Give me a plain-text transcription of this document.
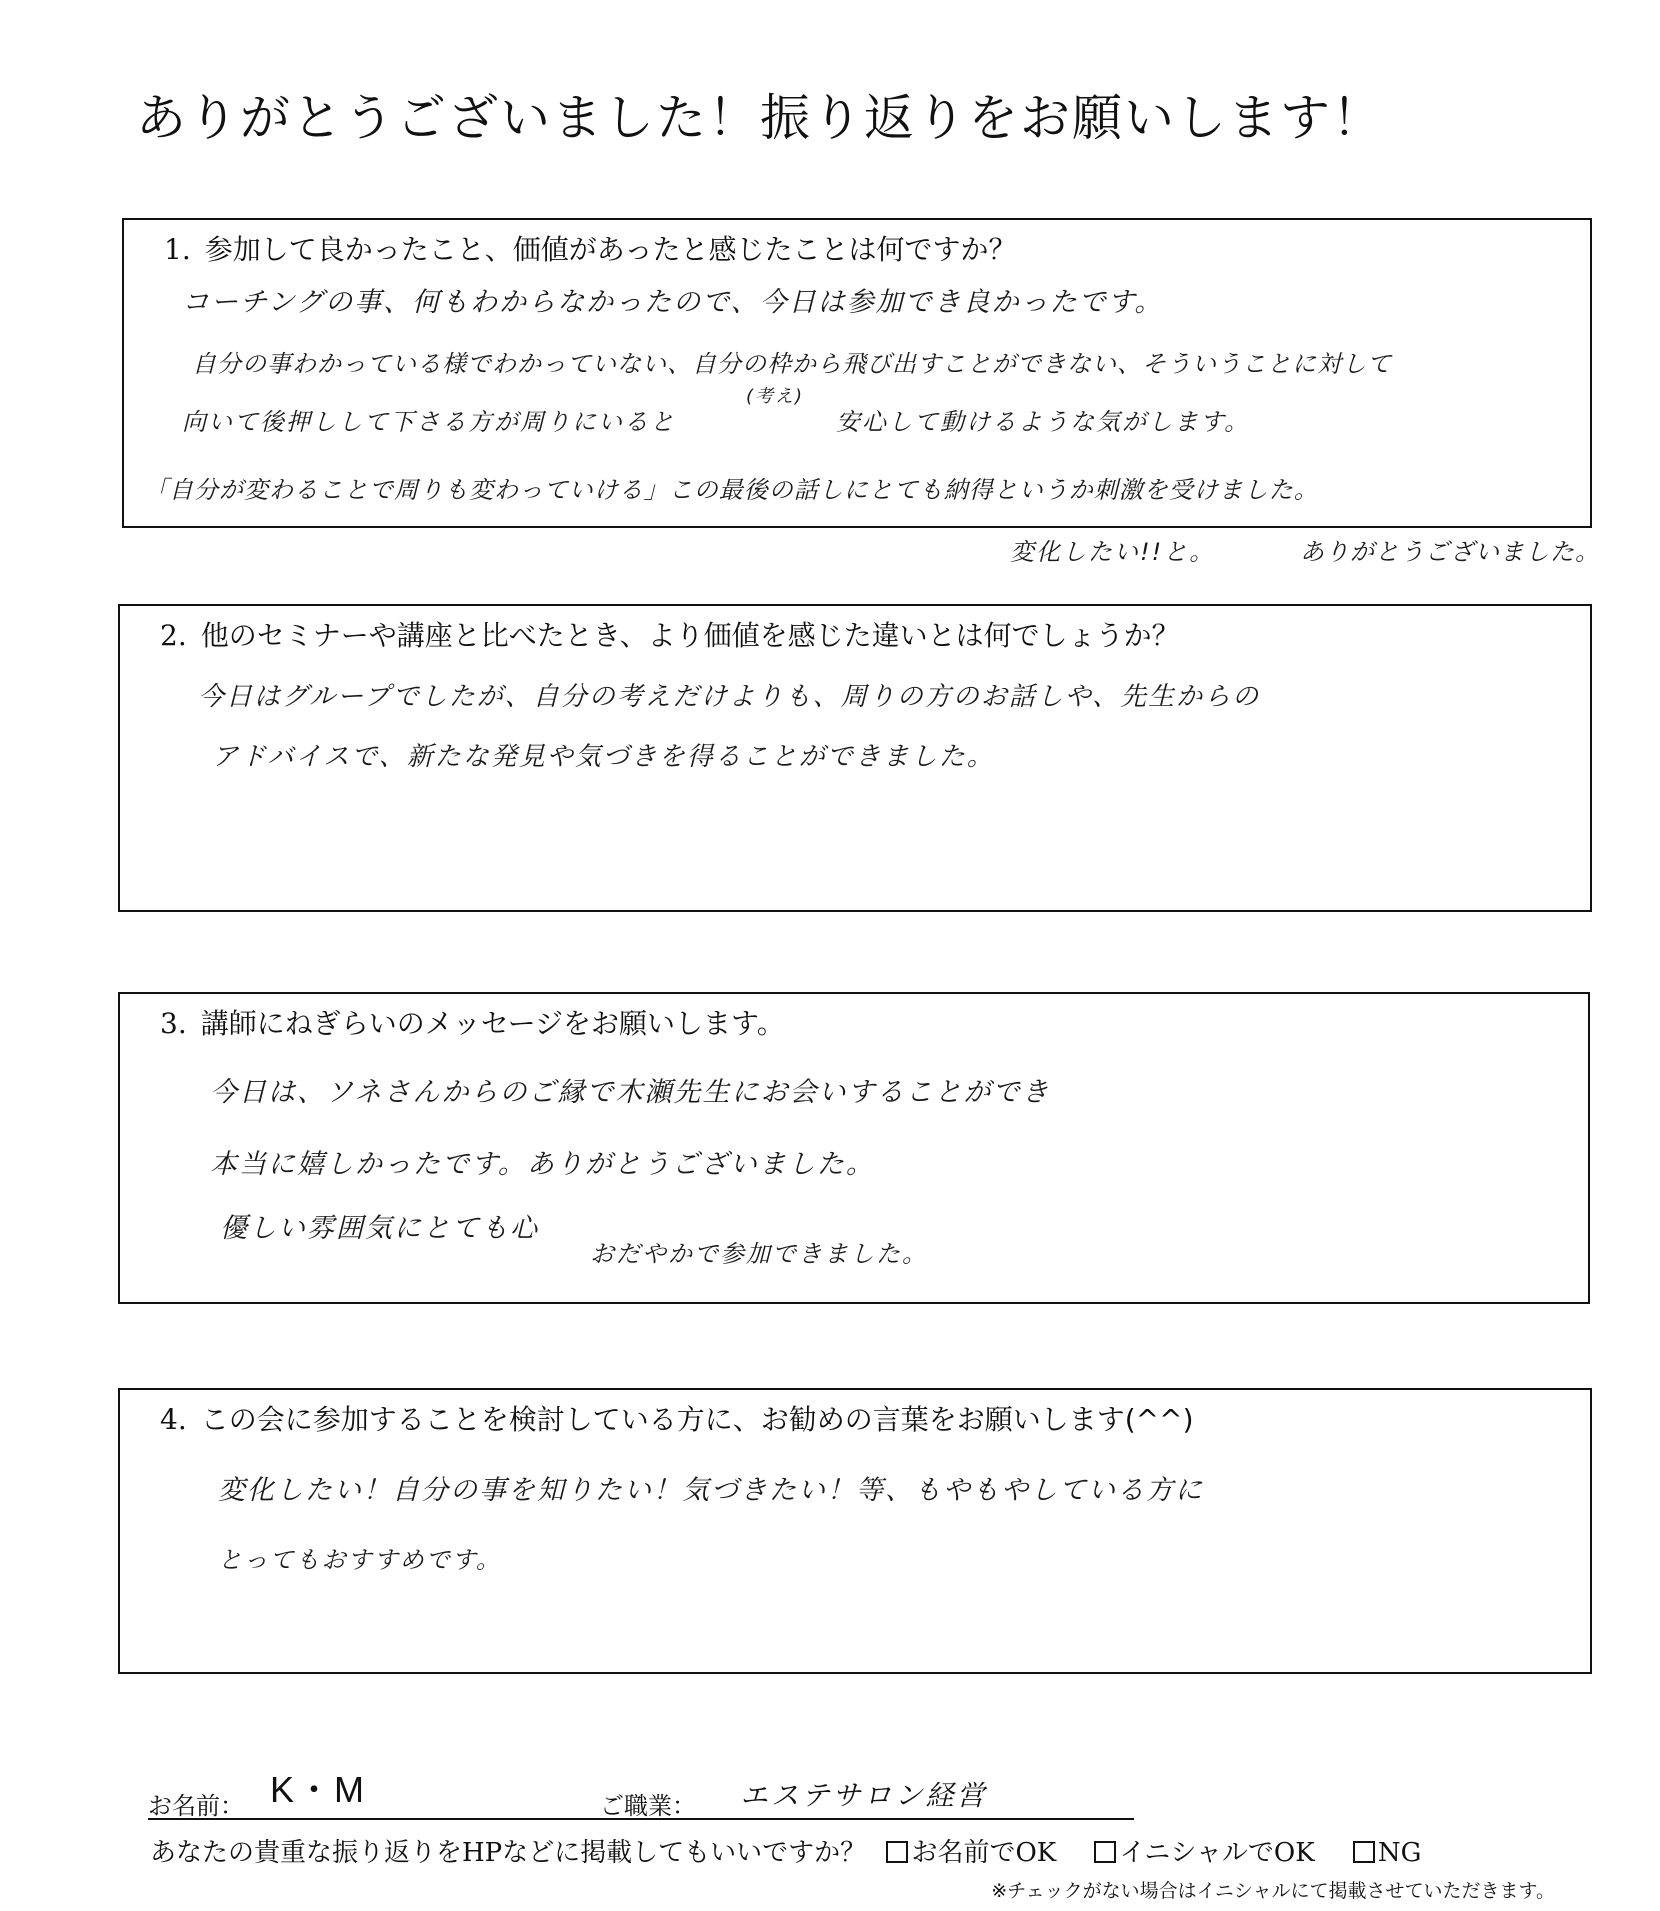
ありがとうございました！振り返りをお願いします！
1. 参加して良かったこと、価値があったと感じたことは何ですか？
コーチングの事、何もわからなかったので、今日は参加でき良かったです。
自分の事わかっている様でわかっていない、自分の枠から飛び出すことができない、そういうことに対して
向いて後押しして下さる方が周りにいると
(考え)
安心して動けるような気がします。
「自分が変わることで周りも変わっていける」この最後の話しにとても納得というか刺激を受けました。
変化したい!!と。	ありがとうございました。
2. 他のセミナーや講座と比べたとき、より価値を感じた違いとは何でしょうか？
今日はグループでしたが、自分の考えだけよりも、周りの方のお話しや、先生からの
アドバイスで、新たな発見や気づきを得ることができました。
3. 講師にねぎらいのメッセージをお願いします。
今日は、ソネさんからのご縁で木瀬先生にお会いすることができ
本当に嬉しかったです。ありがとうございました。
優しい雰囲気にとても心
おだやかで参加できました。
4. この会に参加することを検討している方に、お勧めの言葉をお願いします(^^)
変化したい！自分の事を知りたい！気づきたい！等、もやもやしている方に
とってもおすすめです。
お名前： K・M	ご職業： エステサロン経営
あなたの貴重な振り返りをHPなどに掲載してもいいですか？ お名前でOK イニシャルでOK NG
※チェックがない場合はイニシャルにて掲載させていただきます。
